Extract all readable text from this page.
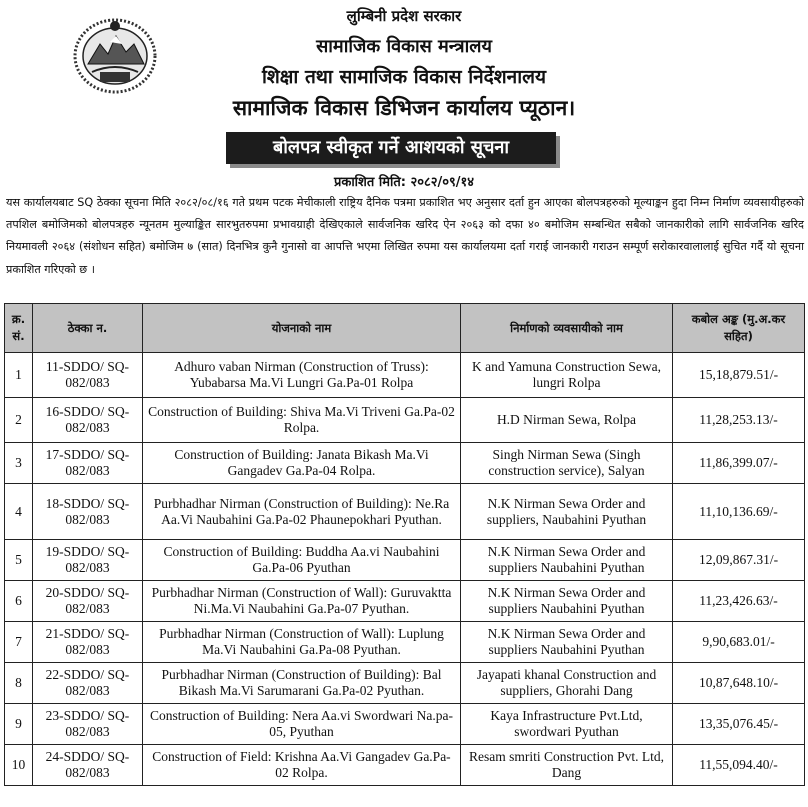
लुम्बिनी प्रदेश सरकार
सामाजिक विकास मन्त्रालय
शिक्षा तथा सामाजिक विकास निर्देशनालय
सामाजिक विकास डिभिजन कार्यालय प्यूठान।
बोलपत्र स्वीकृत गर्ने आशयको सूचना
प्रकाशित मिति: २०८२/०९/१४
यस कार्यालयबाट SQ ठेक्का सूचना मिति २०८२/०८/१६ गते प्रथम पटक मेचीकाली राष्ट्रिय दैनिक पत्रमा प्रकाशित भए अनुसार दर्ता हुन आएका बोलपत्रहरुको मूल्याङ्कन हुदा निम्न निर्माण व्यवसायीहरुको तपशिल बमोजिमको बोलपत्रहरु न्यूनतम मुल्याङ्कित सारभुतरुपमा प्रभावग्राही देखिएकाले सार्वजनिक खरिद ऐन २०६३ को दफा ४० बमोजिम सम्बन्धित सबैको जानकारीको लागि सार्वजनिक खरिद नियमावली २०६४ (संशोधन सहित) बमोजिम ७ (सात) दिनभित्र कुनै गुनासो वा आपत्ति भएमा लिखित रुपमा यस कार्यालयमा दर्ता गराई जानकारी गराउन सम्पूर्ण सरोकारवालालाई सुचित गर्दै यो सूचना प्रकाशित गरिएको छ ।
क्र. सं.	ठेक्का न.	योजनाको नाम	निर्माणको व्यवसायीको नाम	कबोल अङ्क (मु.अ.कर सहित)
1	11-SDDO/ SQ-082/083	Adhuro vaban Nirman (Construction of Truss): Yubabarsa Ma.Vi Lungri Ga.Pa-01 Rolpa	K and Yamuna Construction Sewa, lungri Rolpa	15,18,879.51/-
2	16-SDDO/ SQ-082/083	Construction of Building: Shiva Ma.Vi Triveni Ga.Pa-02 Rolpa.	H.D Nirman Sewa, Rolpa	11,28,253.13/-
3	17-SDDO/ SQ-082/083	Construction of Building: Janata Bikash Ma.Vi Gangadev Ga.Pa-04 Rolpa.	Singh Nirman Sewa (Singh construction service), Salyan	11,86,399.07/-
4	18-SDDO/ SQ-082/083	Purbhadhar Nirman (Construction of Building): Ne.Ra Aa.Vi Naubahini Ga.Pa-02 Phaunepokhari Pyuthan.	N.K Nirman Sewa Order and suppliers, Naubahini Pyuthan	11,10,136.69/-
5	19-SDDO/ SQ-082/083	Construction of Building: Buddha Aa.vi Naubahini Ga.Pa-06 Pyuthan	N.K Nirman Sewa Order and suppliers Naubahini Pyuthan	12,09,867.31/-
6	20-SDDO/ SQ-082/083	Purbhadhar Nirman (Construction of Wall): Guruvaktta Ni.Ma.Vi Naubahini Ga.Pa-07 Pyuthan.	N.K Nirman Sewa Order and suppliers Naubahini Pyuthan	11,23,426.63/-
7	21-SDDO/ SQ-082/083	Purbhadhar Nirman (Construction of Wall): Luplung Ma.Vi Naubahini Ga.Pa-08 Pyuthan.	N.K Nirman Sewa Order and suppliers Naubahini Pyuthan	9,90,683.01/-
8	22-SDDO/ SQ-082/083	Purbhadhar Nirman (Construction of Building): Bal Bikash Ma.Vi Sarumarani Ga.Pa-02 Pyuthan.	Jayapati khanal Construction and suppliers, Ghorahi Dang	10,87,648.10/-
9	23-SDDO/ SQ-082/083	Construction of Building: Nera Aa.vi Swordwari Na.pa-05, Pyuthan	Kaya Infrastructure Pvt.Ltd, swordwari Pyuthan	13,35,076.45/-
10	24-SDDO/ SQ-082/083	Construction of Field: Krishna Aa.Vi Gangadev Ga.Pa-02 Rolpa.	Resam smriti Construction Pvt. Ltd, Dang	11,55,094.40/-
